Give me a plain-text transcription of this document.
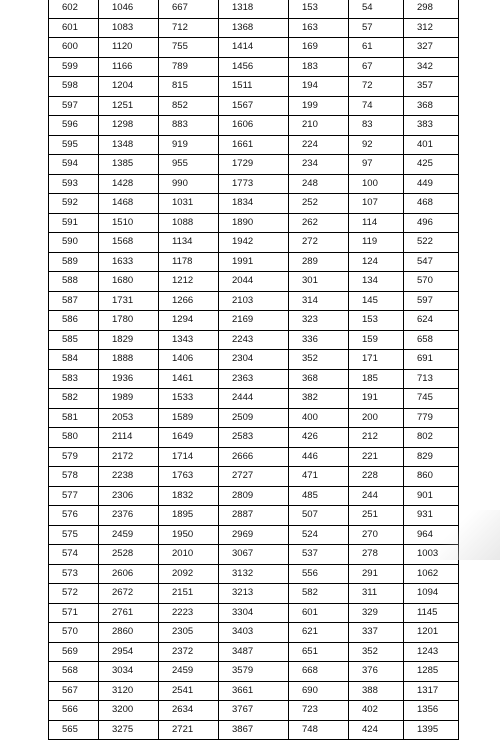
602	1046	667	1318	153	54	298
601	1083	712	1368	163	57	312
600	1120	755	1414	169	61	327
599	1166	789	1456	183	67	342
598	1204	815	1511	194	72	357
597	1251	852	1567	199	74	368
596	1298	883	1606	210	83	383
595	1348	919	1661	224	92	401
594	1385	955	1729	234	97	425
593	1428	990	1773	248	100	449
592	1468	1031	1834	252	107	468
591	1510	1088	1890	262	114	496
590	1568	1134	1942	272	119	522
589	1633	1178	1991	289	124	547
588	1680	1212	2044	301	134	570
587	1731	1266	2103	314	145	597
586	1780	1294	2169	323	153	624
585	1829	1343	2243	336	159	658
584	1888	1406	2304	352	171	691
583	1936	1461	2363	368	185	713
582	1989	1533	2444	382	191	745
581	2053	1589	2509	400	200	779
580	2114	1649	2583	426	212	802
579	2172	1714	2666	446	221	829
578	2238	1763	2727	471	228	860
577	2306	1832	2809	485	244	901
576	2376	1895	2887	507	251	931
575	2459	1950	2969	524	270	964
574	2528	2010	3067	537	278	1003
573	2606	2092	3132	556	291	1062
572	2672	2151	3213	582	311	1094
571	2761	2223	3304	601	329	1145
570	2860	2305	3403	621	337	1201
569	2954	2372	3487	651	352	1243
568	3034	2459	3579	668	376	1285
567	3120	2541	3661	690	388	1317
566	3200	2634	3767	723	402	1356
565	3275	2721	3867	748	424	1395
